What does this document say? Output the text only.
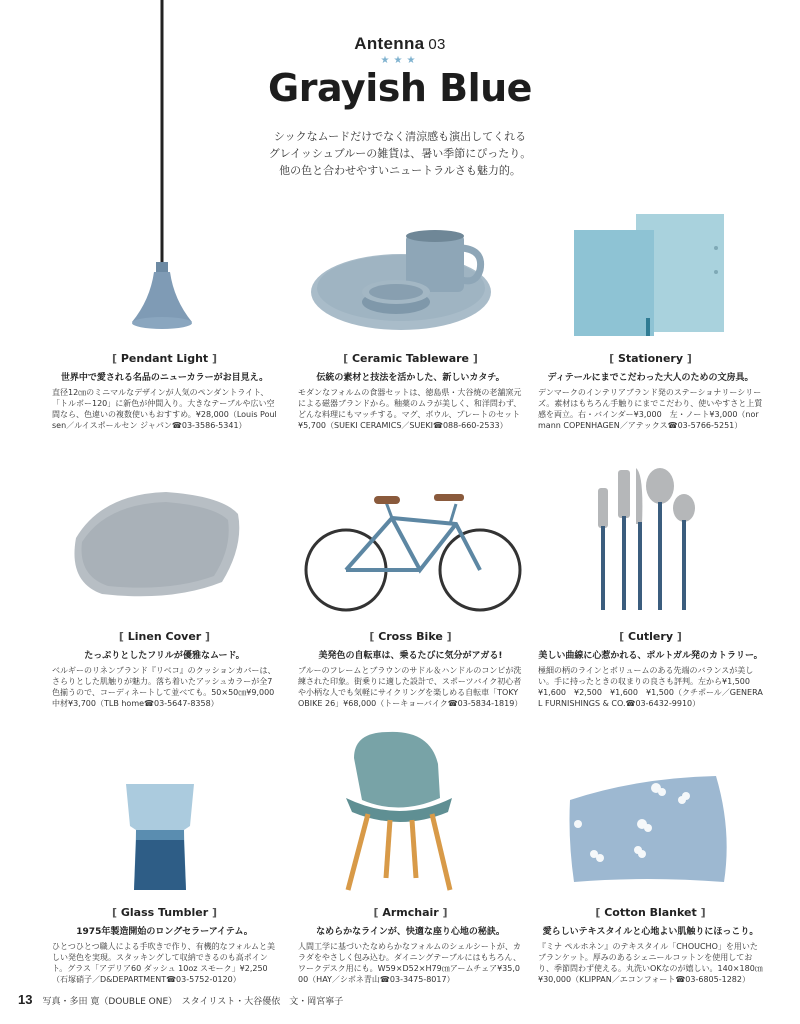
Antenna 03
★★★
Grayish Blue
シックなムードだけでなく清涼感も演出してくれる
グレイッシュブルーの雑貨は、暑い季節にぴったり。
他の色と合わせやすいニュートラルさも魅力的。
[ Pendant Light ]
世界中で愛される名品のニューカラーがお目見え。
直径12㎝のミニマルなデザインが人気のペンダントライト、「トルボー120」に新色が仲間入り。大きなテーブルや広い空間なら、色違いの複数使いもおすすめ。¥28,000（Louis Poulsen／ルイスポールセン ジャパン☎03-3586-5341）
[ Ceramic Tableware ]
伝統の素材と技法を活かした、新しいカタチ。
モダンなフォルムの食器セットは、徳島県・大谷焼の老舗窯元による磁器ブランドから。釉薬のムラが美しく、和洋問わず、どんな料理にもマッチする。マグ、ボウル、プレートのセット¥5,700（SUEKI CERAMICS／SUEKI☎088-660-2533）
[ Stationery ]
ディテールにまでこだわった大人のための文房具。
デンマークのインテリアブランド発のステーショナリーシリーズ。素材はもちろん手触りにまでこだわり、使いやすさと上質感を両立。右・バインダー¥3,000　左・ノート¥3,000（normann COPENHAGEN／アテックス☎03-5766-5251）
[ Linen Cover ]
たっぷりとしたフリルが優雅なムード。
ベルギーのリネンブランド『リベコ』のクッションカバーは、さらりとした肌触りが魅力。落ち着いたアッシュカラーが全7色揃うので、コーディネートして並べても。50×50㎝¥9,000　中材¥3,700（TLB home☎03-5647-8358）
[ Cross Bike ]
美発色の自転車は、乗るたびに気分がアガる!
ブルーのフレームとブラウンのサドル＆ハンドルのコンビが洗練された印象。街乗りに適した設計で、スポーツバイク初心者や小柄な人でも気軽にサイクリングを楽しめる自転車「TOKYOBIKE 26」¥68,000（トーキョーバイク☎03-5834-1819）
[ Cutlery ]
美しい曲線に心惹かれる、ポルトガル発のカトラリー。
極細の柄のラインとボリュームのある先端のバランスが美しい。手に持ったときの収まりの良さも評判。左から¥1,500　¥1,600　¥2,500　¥1,600　¥1,500（クチポール／GENERAL FURNISHINGS & CO.☎03-6432-9910）
[ Glass Tumbler ]
1975年製造開始のロングセラーアイテム。
ひとつひとつ職人による手吹きで作り、有機的なフォルムと美しい発色を実現。スタッキングして収納できるのも高ポイント。グラス「アデリア60 ダッシュ 10oz スモーク」¥2,250（石塚硝子／D&DEPARTMENT☎03-5752-0120）
[ Armchair ]
なめらかなラインが、快適な座り心地の秘訣。
人間工学に基づいたなめらかなフォルムのシェルシートが、カラダをやさしく包み込む。ダイニングテーブルにはもちろん、ワークデスク用にも。W59×D52×H79㎝アームチェア¥35,000（HAY／シボネ青山☎03-3475-8017）
[ Cotton Blanket ]
愛らしいテキスタイルと心地よい肌触りにほっこり。
『ミナ ペルホネン』のテキスタイル「CHOUCHO」を用いたブランケット。厚みのあるシェニールコットンを使用しており、季節問わず使える。丸洗いOKなのが嬉しい。140×180㎝¥30,000（KLIPPAN／エコンフォート☎03-6805-1282）
13 写真・多田 寛（DOUBLE ONE）　スタイリスト・大谷優依　文・岡宮寧子
